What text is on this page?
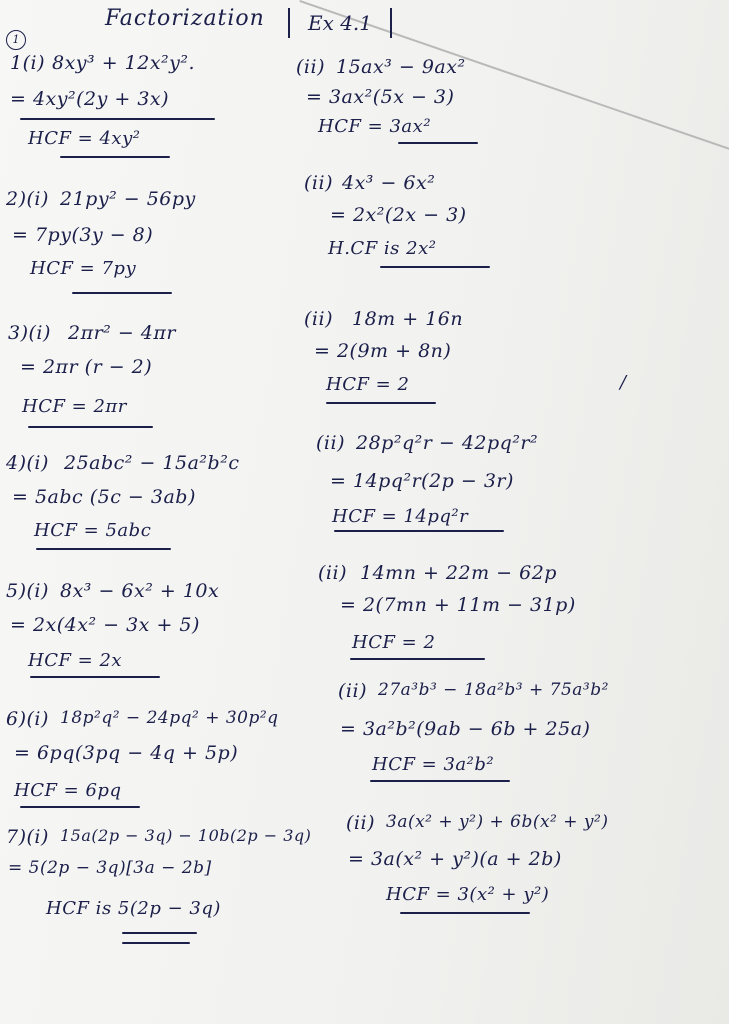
1
Factorization	Ex 4.1
1(i) 8xy³ + 12x²y².
= 4xy²(2y + 3x)
HCF = 4xy²
2)(i) 21py² − 56py
= 7py(3y − 8)
HCF = 7py
3)(i) 2πr² − 4πr
= 2πr (r − 2)
HCF = 2πr
4)(i) 25abc² − 15a²b²c
= 5abc (5c − 3ab)
HCF = 5abc
5)(i) 8x³ − 6x² + 10x
= 2x(4x² − 3x + 5)
HCF = 2x
6)(i) 18p²q² − 24pq² + 30p²q
= 6pq(3pq − 4q + 5p)
HCF = 6pq
7)(i) 15a(2p − 3q) − 10b(2p − 3q)
= 5(2p − 3q)[3a − 2b]
HCF is 5(2p − 3q)
(ii) 15ax³ − 9ax²
= 3ax²(5x − 3)
HCF = 3ax²
(ii) 4x³ − 6x²
= 2x²(2x − 3)
H.CF is 2x²
(ii) 18m + 16n
= 2(9m + 8n)
HCF = 2	/
(ii) 28p²q²r − 42pq²r²
= 14pq²r(2p − 3r)
HCF = 14pq²r
(ii) 14mn + 22m − 62p
= 2(7mn + 11m − 31p)
HCF = 2
(ii) 27a³b³ − 18a²b³ + 75a³b²
= 3a²b²(9ab − 6b + 25a)
HCF = 3a²b²
(ii) 3a(x² + y²) + 6b(x² + y²)
= 3a(x² + y²)(a + 2b)
HCF = 3(x² + y²)
